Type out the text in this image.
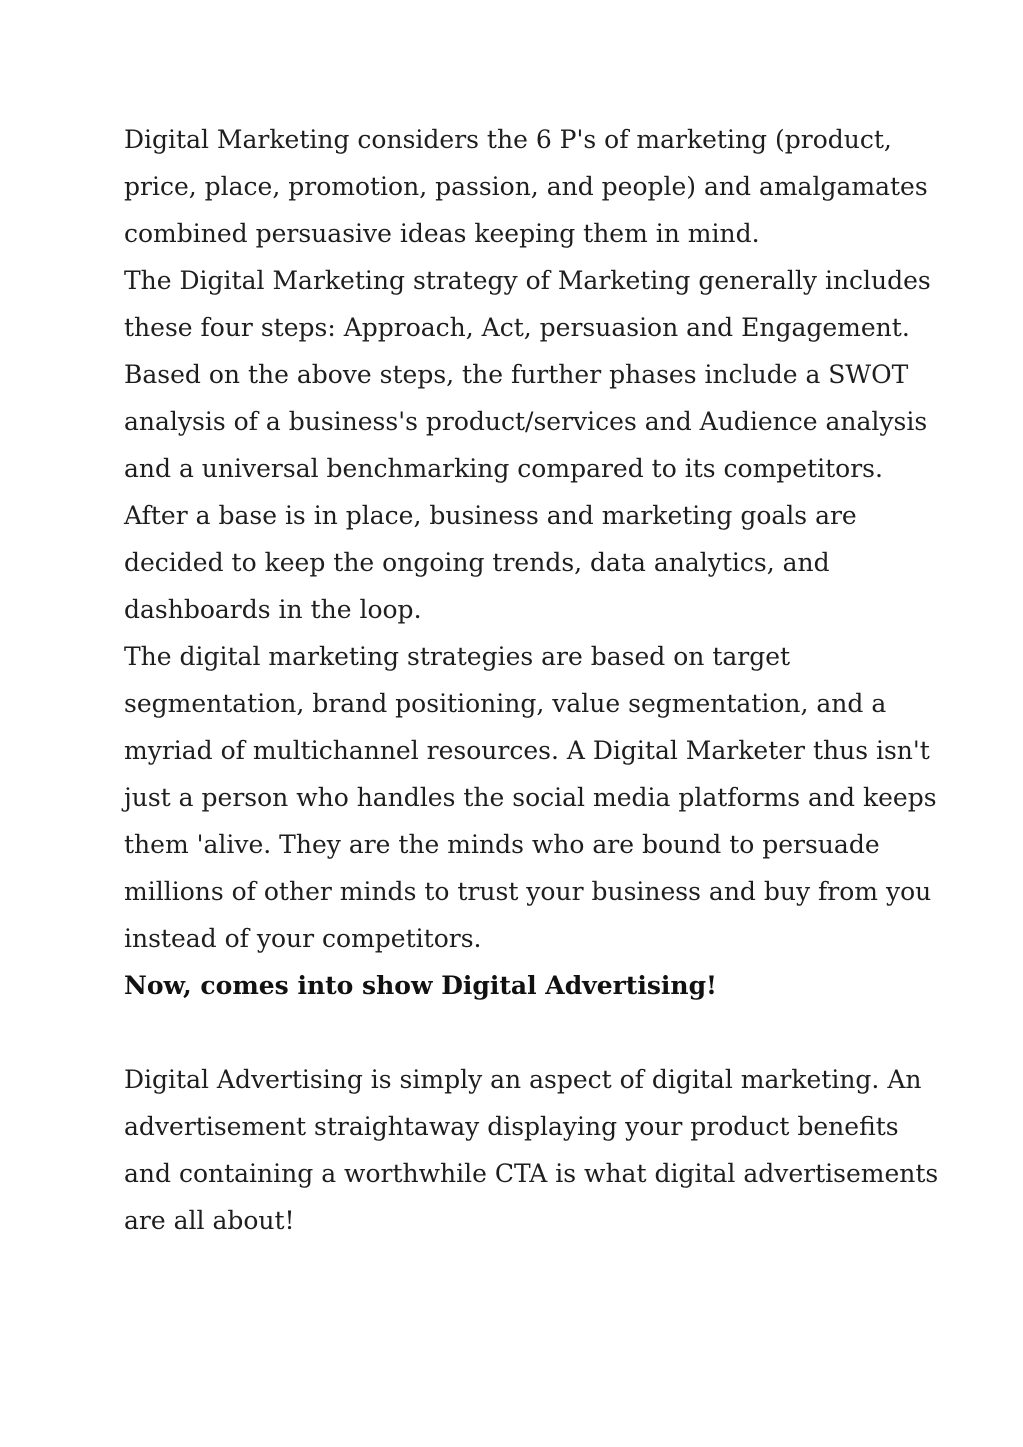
Digital Marketing considers the 6 P's of marketing (product,
price, place, promotion, passion, and people) and amalgamates
combined persuasive ideas keeping them in mind.
The Digital Marketing strategy of Marketing generally includes
these four steps: Approach, Act, persuasion and Engagement.
Based on the above steps, the further phases include a SWOT
analysis of a business's product/services and Audience analysis
and a universal benchmarking compared to its competitors.
After a base is in place, business and marketing goals are
decided to keep the ongoing trends, data analytics, and
dashboards in the loop.
The digital marketing strategies are based on target
segmentation, brand positioning, value segmentation, and a
myriad of multichannel resources. A Digital Marketer thus isn't
just a person who handles the social media platforms and keeps
them 'alive. They are the minds who are bound to persuade
millions of other minds to trust your business and buy from you
instead of your competitors.
Now, comes into show Digital Advertising!
Digital Advertising is simply an aspect of digital marketing. An
advertisement straightaway displaying your product benefits
and containing a worthwhile CTA is what digital advertisements
are all about!
